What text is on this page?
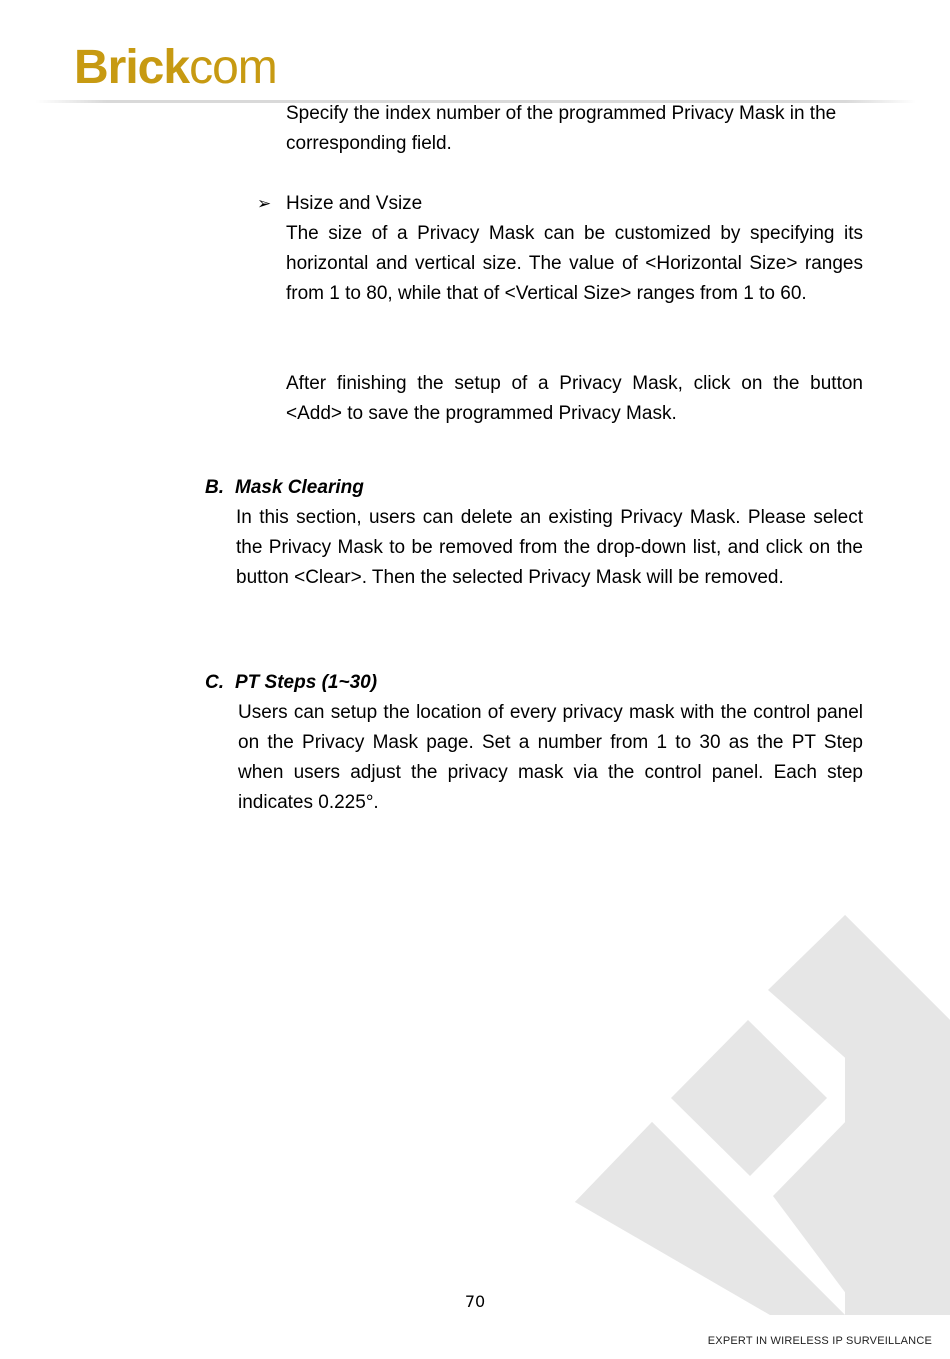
Brickcom
Specify the index number of the programmed Privacy Mask in the corresponding field.
➢ Hsize and Vsize
The size of a Privacy Mask can be customized by specifying its horizontal and vertical size. The value of <Horizontal Size> ranges from 1 to 80, while that of <Vertical Size> ranges from 1 to 60.
After finishing the setup of a Privacy Mask, click on the button <Add> to save the programmed Privacy Mask.
B. Mask Clearing
In this section, users can delete an existing Privacy Mask. Please select the Privacy Mask to be removed from the drop-down list, and click on the button <Clear>. Then the selected Privacy Mask will be removed.
C. PT Steps (1~30)
Users can setup the location of every privacy mask with the control panel on the Privacy Mask page. Set a number from 1 to 30 as the PT Step when users adjust the privacy mask via the control panel. Each step indicates 0.225°.
70
EXPERT IN WIRELESS IP SURVEILLANCE
